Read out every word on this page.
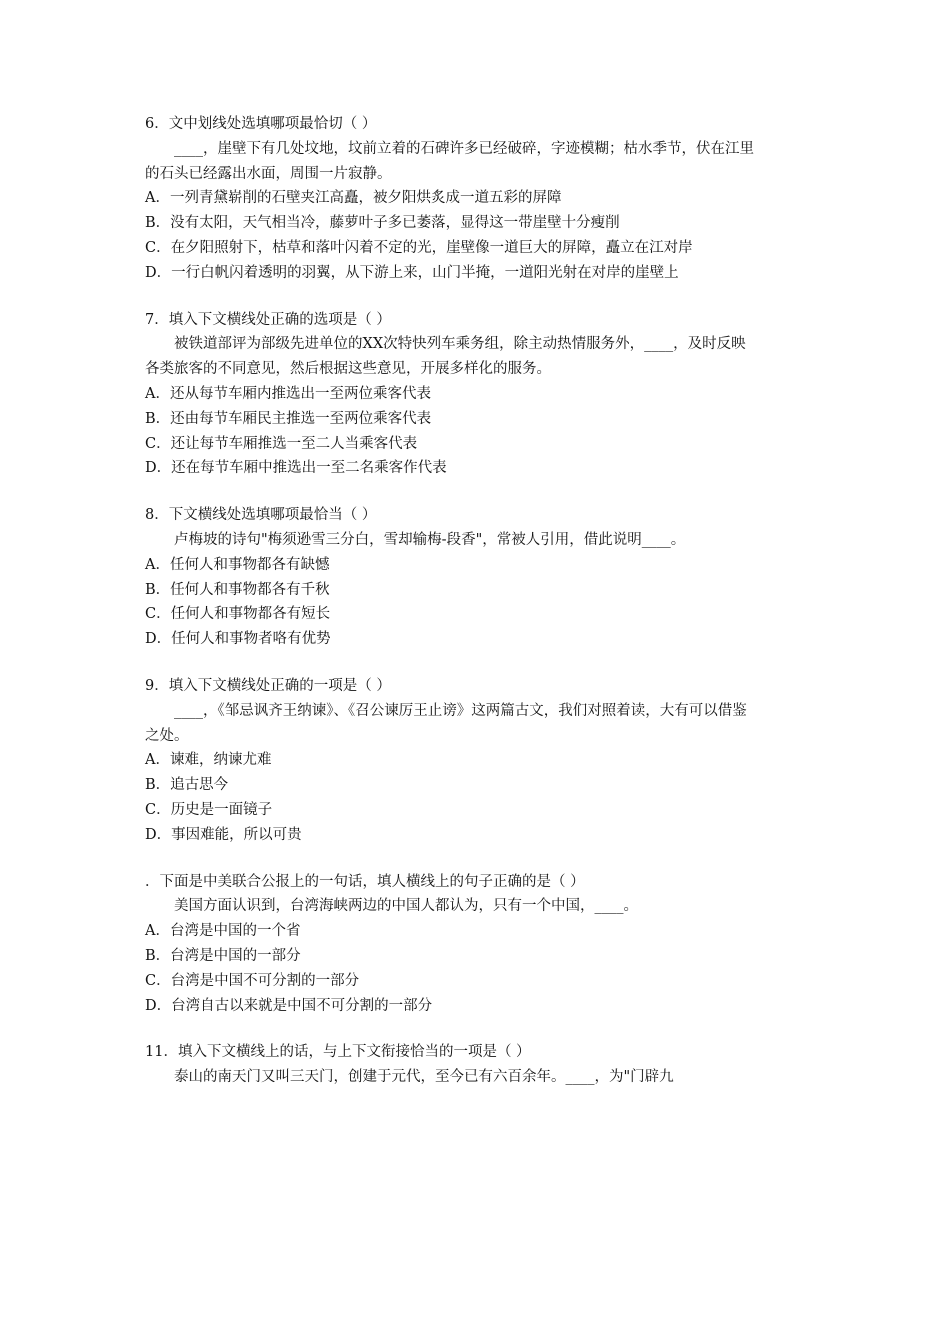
6．文中划线处选填哪项最恰切（ ）

____，崖壁下有几处坟地，坟前立着的石碑许多已经破碎，字迹模糊；枯水季节，伏在江里的石头已经露出水面，周围一片寂静。

A．一列青黛崭削的石壁夹江高矗，被夕阳烘炙成一道五彩的屏障

B．没有太阳，天气相当冷，藤萝叶子多已萎落，显得这一带崖壁十分瘦削

C．在夕阳照射下，枯草和落叶闪着不定的光，崖壁像一道巨大的屏障，矗立在江对岸

D．一行白帆闪着透明的羽翼，从下游上来，山门半掩，一道阳光射在对岸的崖壁上

7．填入下文横线处正确的选项是（ ）

被铁道部评为部级先进单位的XX次特快列车乘务组，除主动热情服务外，____，及时反映各类旅客的不同意见，然后根据这些意见，开展多样化的服务。

A．还从每节车厢内推选出一至两位乘客代表

B．还由每节车厢民主推选一至两位乘客代表

C．还让每节车厢推选一至二人当乘客代表

D．还在每节车厢中推选出一至二名乘客作代表

8．下文横线处选填哪项最恰当（ ）

卢梅坡的诗句"梅须逊雪三分白，雪却输梅-段香"，常被人引用，借此说明____。

A．任何人和事物都各有缺憾

B．任何人和事物都各有千秋

C．任何人和事物都各有短长

D．任何人和事物者咯有优势

9．填入下文横线处正确的一项是（ ）

____，《邹忌讽齐王纳谏》、《召公谏厉王止谤》这两篇古文，我们对照着读，大有可以借鉴之处。

A．谏难，纳谏尤难

B．追古思今

C．历史是一面镜子

D．事因难能，所以可贵

．下面是中美联合公报上的一句话，填人横线上的句子正确的是（ ）

美国方面认识到，台湾海峡两边的中国人都认为，只有一个中国，____。

A．台湾是中国的一个省

B．台湾是中国的一部分

C．台湾是中国不可分割的一部分

D．台湾自古以来就是中国不可分割的一部分

11．填入下文横线上的话，与上下文衔接恰当的一项是（ ）

泰山的南天门又叫三天门，创建于元代，至今已有六百余年。____，为"门辟九
